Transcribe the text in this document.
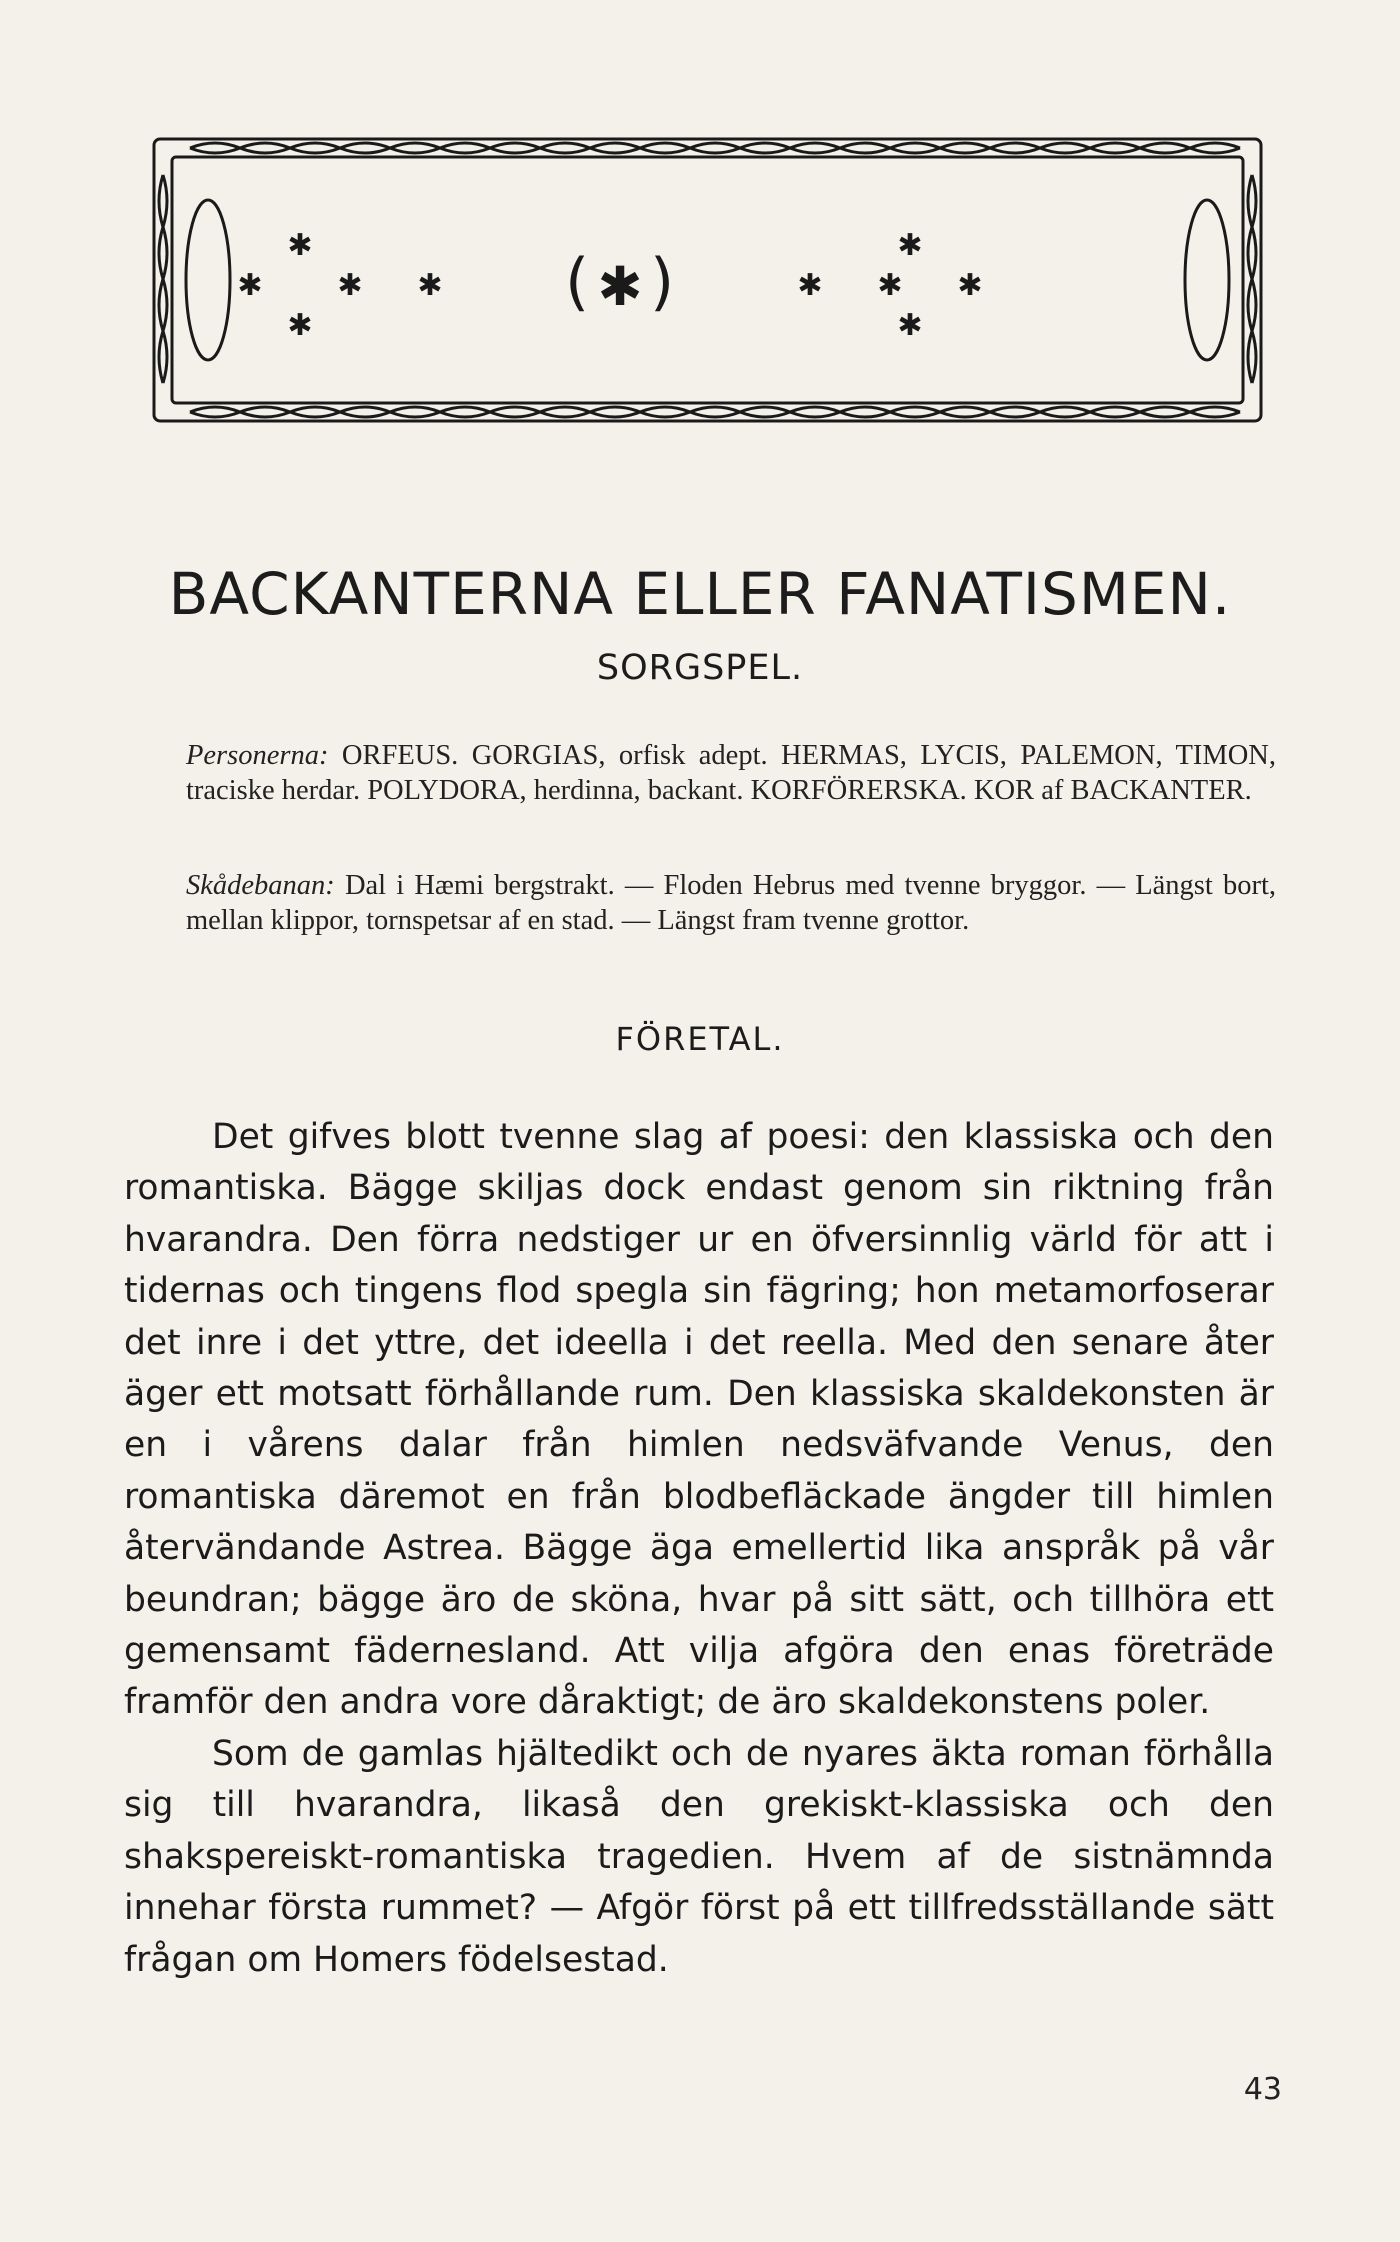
( )
✱
✱
✱ ✱ ✱
✱
✱
✱ ✱ ✱
✱
BACKANTERNA ELLER FANATISMEN.
SORGSPEL.
Personerna: ORFEUS. GORGIAS, orfisk adept. HERMAS, LYCIS, PALEMON, TIMON, traciske herdar. POLYDORA, herdinna, backant. KORFÖRERSKA. KOR af BACKANTER.
Skådebanan: Dal i Hæmi bergstrakt. — Floden Hebrus med tvenne bryggor. — Längst bort, mellan klippor, tornspetsar af en stad. — Längst fram tvenne grottor.
FÖRETAL.

Det gifves blott tvenne slag af poesi: den klassiska och den romantiska. Bägge skiljas dock endast genom sin riktning från hvarandra. Den förra nedstiger ur en öfversinnlig värld för att i tidernas och tingens flod spegla sin fägring; hon metamorfoserar det inre i det yttre, det ideella i det reella. Med den senare åter äger ett motsatt förhållande rum. Den klassiska skaldekonsten är en i vårens dalar från himlen nedsväfvande Venus, den romantiska däremot en från blodbefläckade ängder till himlen återvändande Astrea. Bägge äga emellertid lika anspråk på vår beundran; bägge äro de sköna, hvar på sitt sätt, och tillhöra ett gemensamt fädernesland. Att vilja afgöra den enas företräde framför den andra vore dåraktigt; de äro skaldekonstens poler.

Som de gamlas hjältedikt och de nyares äkta roman förhålla sig till hvarandra, likaså den grekiskt-klassiska och den shakspereiskt-romantiska tragedien. Hvem af de sistnämnda innehar första rummet? — Afgör först på ett tillfredsställande sätt frågan om Homers födelsestad.

43
